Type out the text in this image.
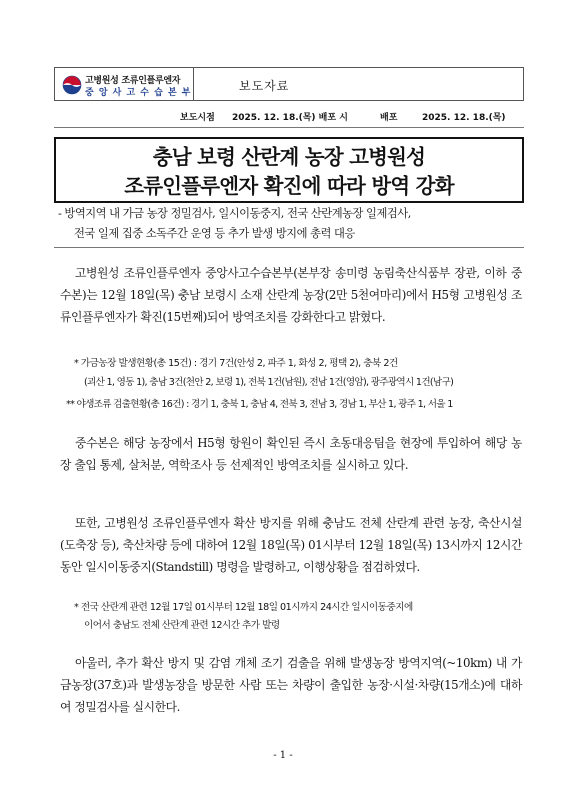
고병원성 조류인플루엔자
중 앙 사 고 수 습 본 부	보도자료
보도시점 2025. 12. 18.(목) 배포 시	배포	2025. 12. 18.(목)
충남 보령 산란계 농장 고병원성
조류인플루엔자 확진에 따라 방역 강화
- 방역지역 내 가금 농장 정밀검사, 일시이동중지, 전국 산란계농장 일제검사,
전국 일제 집중 소독주간 운영 등 추가 발생 방지에 총력 대응

고병원성 조류인플루엔자 중앙사고수습본부(본부장 송미령 농림축산식품부 장관, 이하 중수본)는 12월 18일(목) 충남 보령시 소재 산란계 농장(2만 5천여마리)에서 H5형 고병원성 조류인플루엔자가 확진(15번째)되어 방역조치를 강화한다고 밝혔다.

* 가금농장 발생현황(총 15건) : 경기 7건(안성 2, 파주 1, 화성 2, 평택 2), 충북 2건
(괴산 1, 영동 1), 충남 3건(천안 2, 보령 1), 전북 1건(남원), 전남 1건(영암), 광주광역시 1건(남구)
** 야생조류 검출현황(총 16건) : 경기 1, 충북 1, 충남 4, 전북 3, 전남 3, 경남 1, 부산 1, 광주 1, 서울 1

중수본은 해당 농장에서 H5형 항원이 확인된 즉시 초동대응팀을 현장에 투입하여 해당 농장 출입 통제, 살처분, 역학조사 등 선제적인 방역조치를 실시하고 있다.

또한, 고병원성 조류인플루엔자 확산 방지를 위해 충남도 전체 산란계 관련 농장, 축산시설(도축장 등), 축산차량 등에 대하여 12월 18일(목) 01시부터 12월 18일(목) 13시까지 12시간 동안 일시이동중지(Standstill) 명령을 발령하고, 이행상황을 점검하였다.

* 전국 산란계 관련 12월 17일 01시부터 12월 18일 01시까지 24시간 일시이동중지에
이어서 충남도 전체 산란계 관련 12시간 추가 발령

아울러, 추가 확산 방지 및 감염 개체 조기 검출을 위해 발생농장 방역지역(~10km) 내 가금농장(37호)과 발생농장을 방문한 사람 또는 차량이 출입한 농장·시설·차량(15개소)에 대하여 정밀검사를 실시한다.

- 1 -
